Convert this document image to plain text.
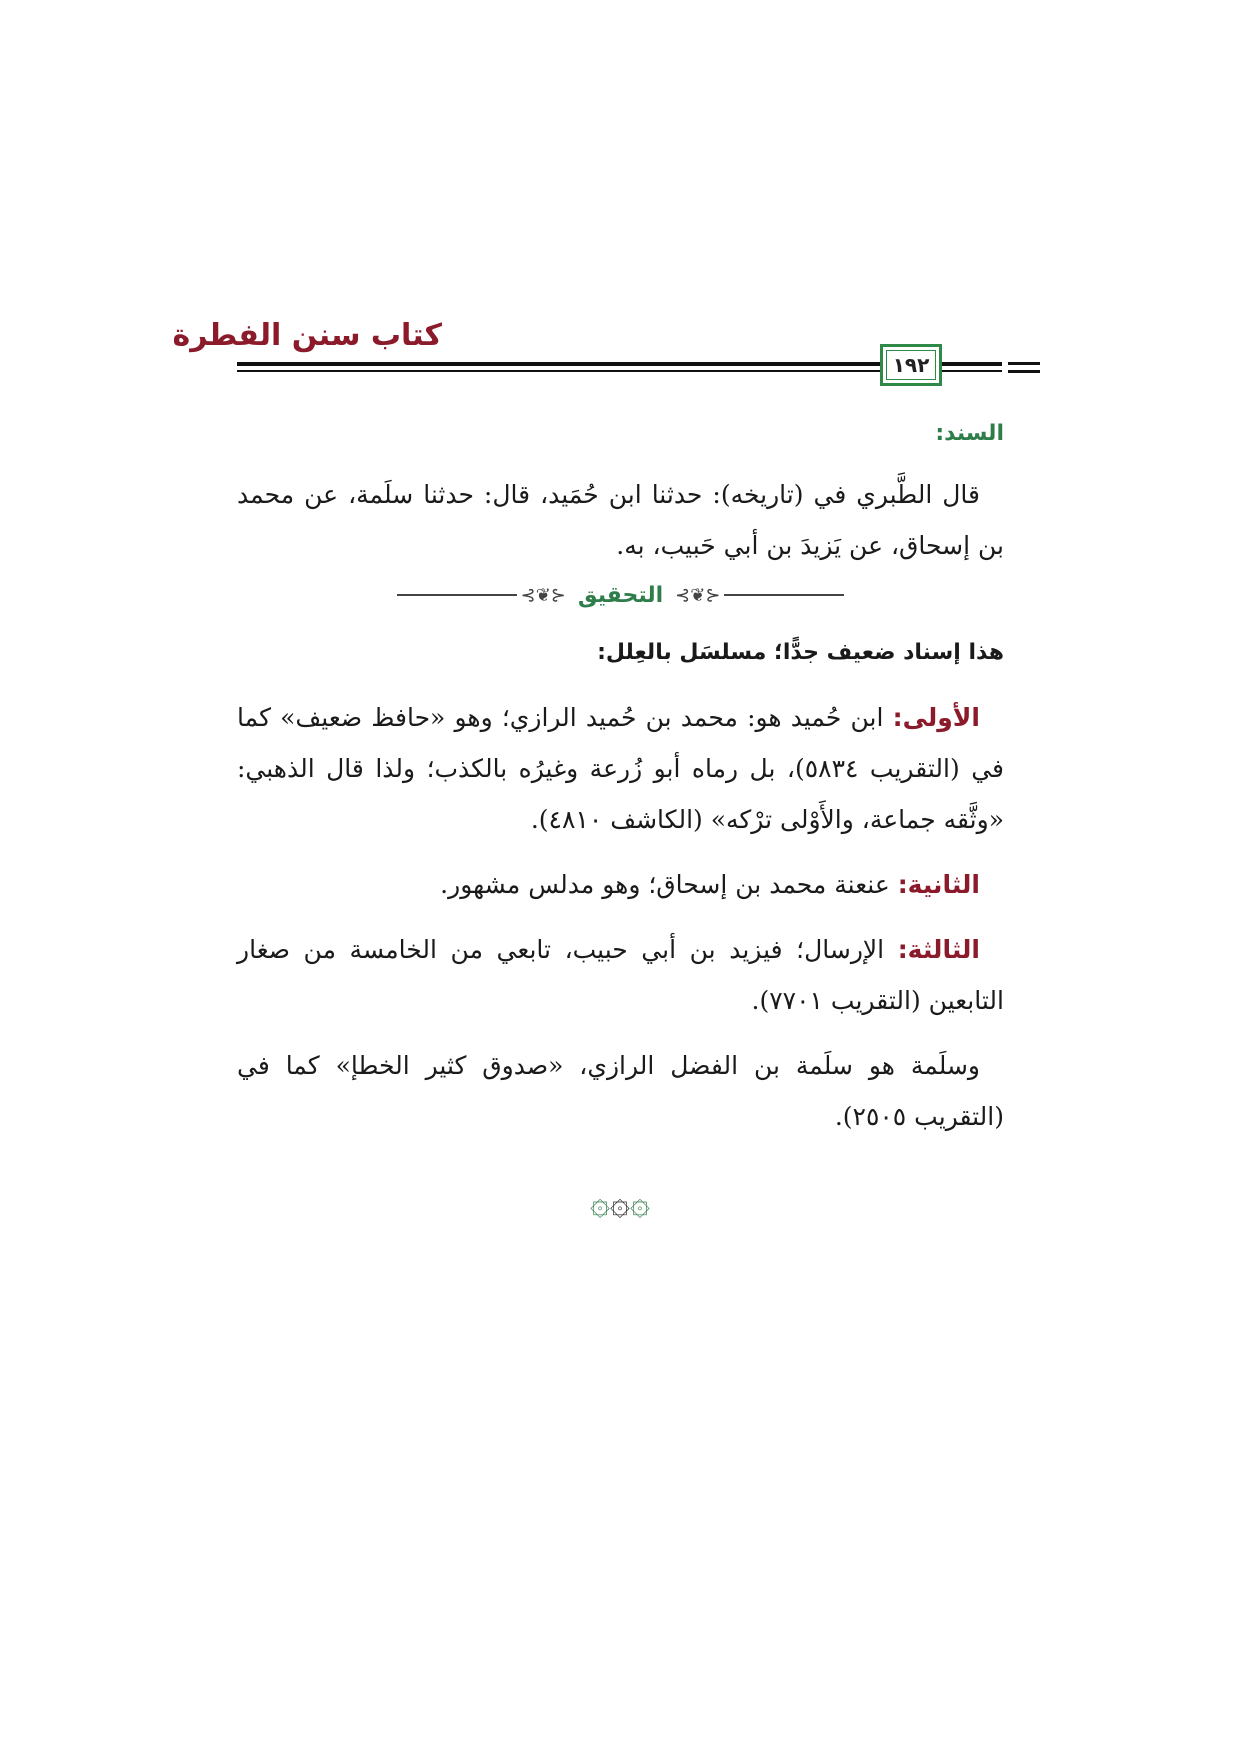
كتاب سنن الفطرة
١٩٢

السند:

قال الطَّبري في (تاريخه): حدثنا ابن حُمَيد، قال: حدثنا سلَمة، عن محمد بن إسحاق، عن يَزيدَ بن أبي حَبيب، به.

⊰❦⊱
التحقيق
⊰❦⊱

هذا إسناد ضعيف جدًّا؛ مسلسَل بالعِلل:

الأولى: ابن حُميد هو: محمد بن حُميد الرازي؛ وهو «حافظ ضعيف» كما في (التقريب ٥٨٣٤)، بل رماه أبو زُرعة وغيرُه بالكذب؛ ولذا قال الذهبي: «وثَّقه جماعة، والأَوْلى ترْكه» (الكاشف ٤٨١٠).

الثانية: عنعنة محمد بن إسحاق؛ وهو مدلس مشهور.

الثالثة: الإرسال؛ فيزيد بن أبي حبيب، تابعي من الخامسة من صغار التابعين (التقريب ٧٧٠١).

وسلَمة هو سلَمة بن الفضل الرازي، «صدوق كثير الخطإ» كما في (التقريب ٢٥٠٥).

۞۞۞
